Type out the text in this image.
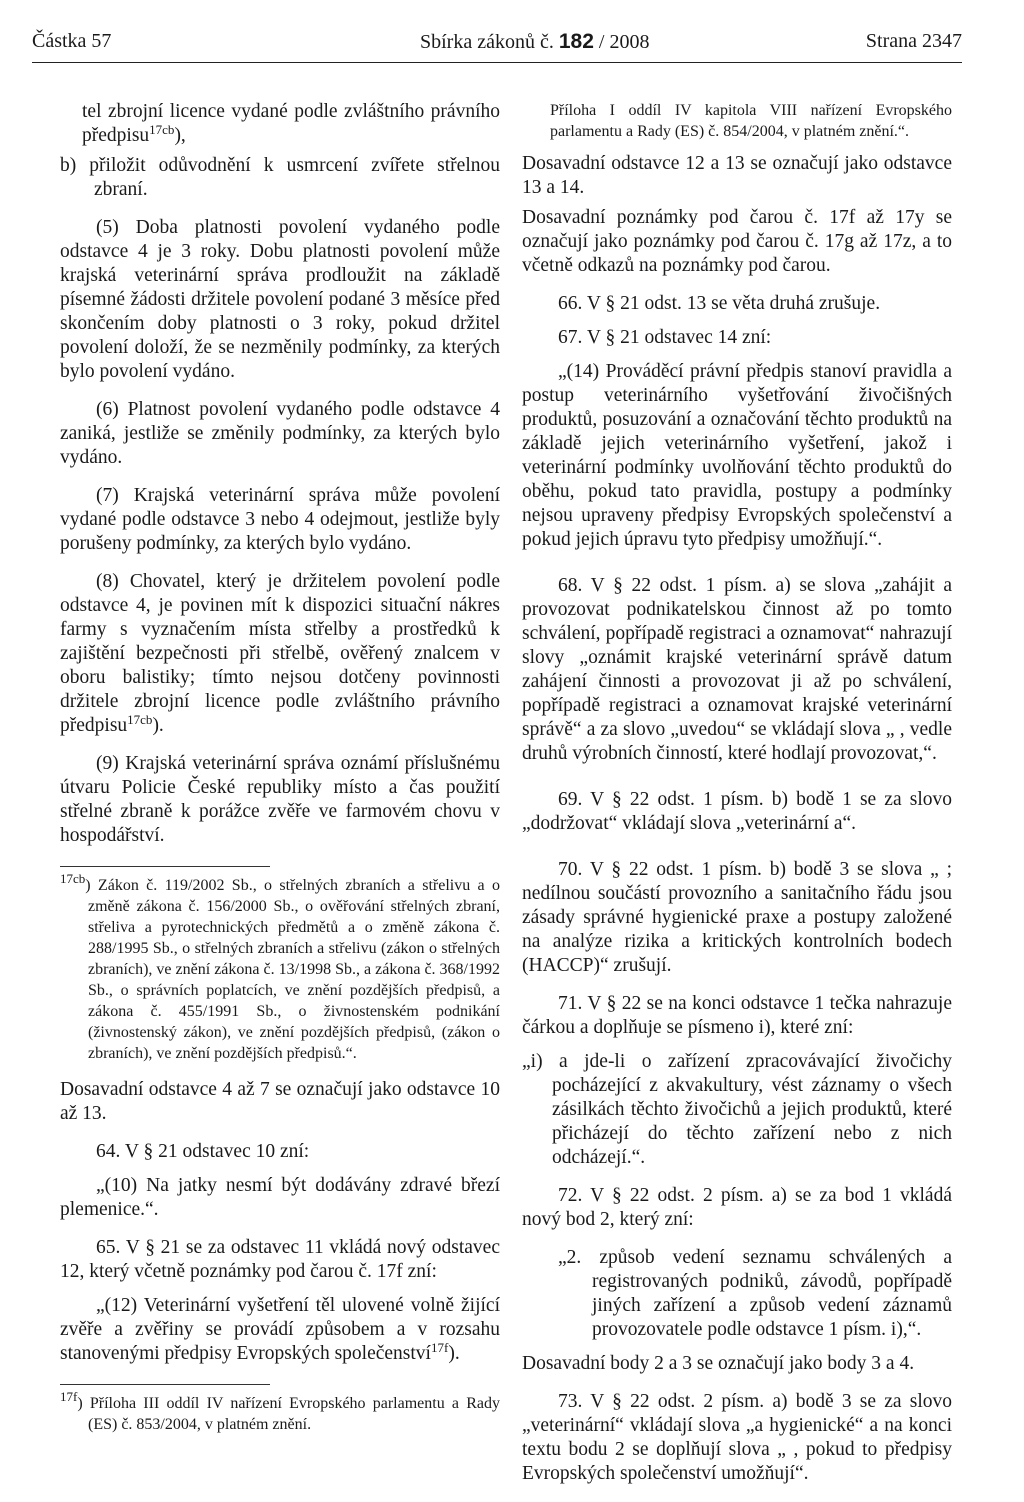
Částka 57	Sbírka zákonů č. 182 / 2008	Strana 2347

tel zbrojní licence vydané podle zvláštního právního předpisu$^{17cb}$),

b) přiložit odůvodnění k usmrcení zvířete střelnou zbraní.

(5) Doba platnosti povolení vydaného podle odstavce 4 je 3 roky. Dobu platnosti povolení může krajská veterinární správa prodloužit na základě písemné žádosti držitele povolení podané 3 měsíce před skončením doby platnosti o 3 roky, pokud držitel povolení doloží, že se nezměnily podmínky, za kterých bylo povolení vydáno.

(6) Platnost povolení vydaného podle odstavce 4 zaniká, jestliže se změnily podmínky, za kterých bylo vydáno.

(7) Krajská veterinární správa může povolení vydané podle odstavce 3 nebo 4 odejmout, jestliže byly porušeny podmínky, za kterých bylo vydáno.

(8) Chovatel, který je držitelem povolení podle odstavce 4, je povinen mít k dispozici situační nákres farmy s vyznačením místa střelby a prostředků k zajištění bezpečnosti při střelbě, ověřený znalcem v oboru balistiky; tímto nejsou dotčeny povinnosti držitele zbrojní licence podle zvláštního právního předpisu$^{17cb}$).

(9) Krajská veterinární správa oznámí příslušnému útvaru Policie České republiky místo a čas použití střelné zbraně k porážce zvěře ve farmovém chovu v hospodářství.

$^{17cb}$) Zákon č. 119/2002 Sb., o střelných zbraních a střelivu a o změně zákona č. 156/2000 Sb., o ověřování střelných zbraní, střeliva a pyrotechnických předmětů a o změně zákona č. 288/1995 Sb., o střelných zbraních a střelivu (zákon o střelných zbraních), ve znění zákona č. 13/1998 Sb., a zákona č. 368/1992 Sb., o správních poplatcích, ve znění pozdějších předpisů, a zákona č. 455/1991 Sb., o živnostenském podnikání (živnostenský zákon), ve znění pozdějších předpisů, (zákon o zbraních), ve znění pozdějších předpisů.“.

Dosavadní odstavce 4 až 7 se označují jako odstavce 10 až 13.

64. V § 21 odstavec 10 zní:

„(10) Na jatky nesmí být dodávány zdravé březí plemenice.“.

65. V § 21 se za odstavec 11 vkládá nový odstavec 12, který včetně poznámky pod čarou č. 17f zní:

„(12) Veterinární vyšetření těl ulovené volně žijící zvěře a zvěřiny se provádí způsobem a v rozsahu stanovenými předpisy Evropských společenství$^{17f}$).

$^{17f}$) Příloha III oddíl IV nařízení Evropského parlamentu a Rady (ES) č. 853/2004, v platném znění.

Příloha I oddíl IV kapitola VIII nařízení Evropského parlamentu a Rady (ES) č. 854/2004, v platném znění.“.

Dosavadní odstavce 12 a 13 se označují jako odstavce 13 a 14.

Dosavadní poznámky pod čarou č. 17f až 17y se označují jako poznámky pod čarou č. 17g až 17z, a to včetně odkazů na poznámky pod čarou.

66. V § 21 odst. 13 se věta druhá zrušuje.

67. V § 21 odstavec 14 zní:

„(14) Prováděcí právní předpis stanoví pravidla a postup veterinárního vyšetřování živočišných produktů, posuzování a označování těchto produktů na základě jejich veterinárního vyšetření, jakož i veterinární podmínky uvolňování těchto produktů do oběhu, pokud tato pravidla, postupy a podmínky nejsou upraveny předpisy Evropských společenství a pokud jejich úpravu tyto předpisy umožňují.“.

68. V § 22 odst. 1 písm. a) se slova „zahájit a provozovat podnikatelskou činnost až po tomto schválení, popřípadě registraci a oznamovat“ nahrazují slovy „oznámit krajské veterinární správě datum zahájení činnosti a provozovat ji až po schválení, popřípadě registraci a oznamovat krajské veterinární správě“ a za slovo „uvedou“ se vkládají slova „ , vedle druhů výrobních činností, které hodlají provozovat,“.

69. V § 22 odst. 1 písm. b) bodě 1 se za slovo „dodržovat“ vkládají slova „veterinární a“.

70. V § 22 odst. 1 písm. b) bodě 3 se slova „ ; nedílnou součástí provozního a sanitačního řádu jsou zásady správné hygienické praxe a postupy založené na analýze rizika a kritických kontrolních bodech (HACCP)“ zrušují.

71. V § 22 se na konci odstavce 1 tečka nahrazuje čárkou a doplňuje se písmeno i), které zní:

„i) a jde-li o zařízení zpracovávající živočichy pocházející z akvakultury, vést záznamy o všech zásilkách těchto živočichů a jejich produktů, které přicházejí do těchto zařízení nebo z nich odcházejí.“.

72. V § 22 odst. 2 písm. a) se za bod 1 vkládá nový bod 2, který zní:

„2. způsob vedení seznamu schválených a registrovaných podniků, závodů, popřípadě jiných zařízení a způsob vedení záznamů provozovatele podle odstavce 1 písm. i),“.

Dosavadní body 2 a 3 se označují jako body 3 a 4.

73. V § 22 odst. 2 písm. a) bodě 3 se za slovo „veterinární“ vkládají slova „a hygienické“ a na konci textu bodu 2 se doplňují slova „ , pokud to předpisy Evropských společenství umožňují“.
